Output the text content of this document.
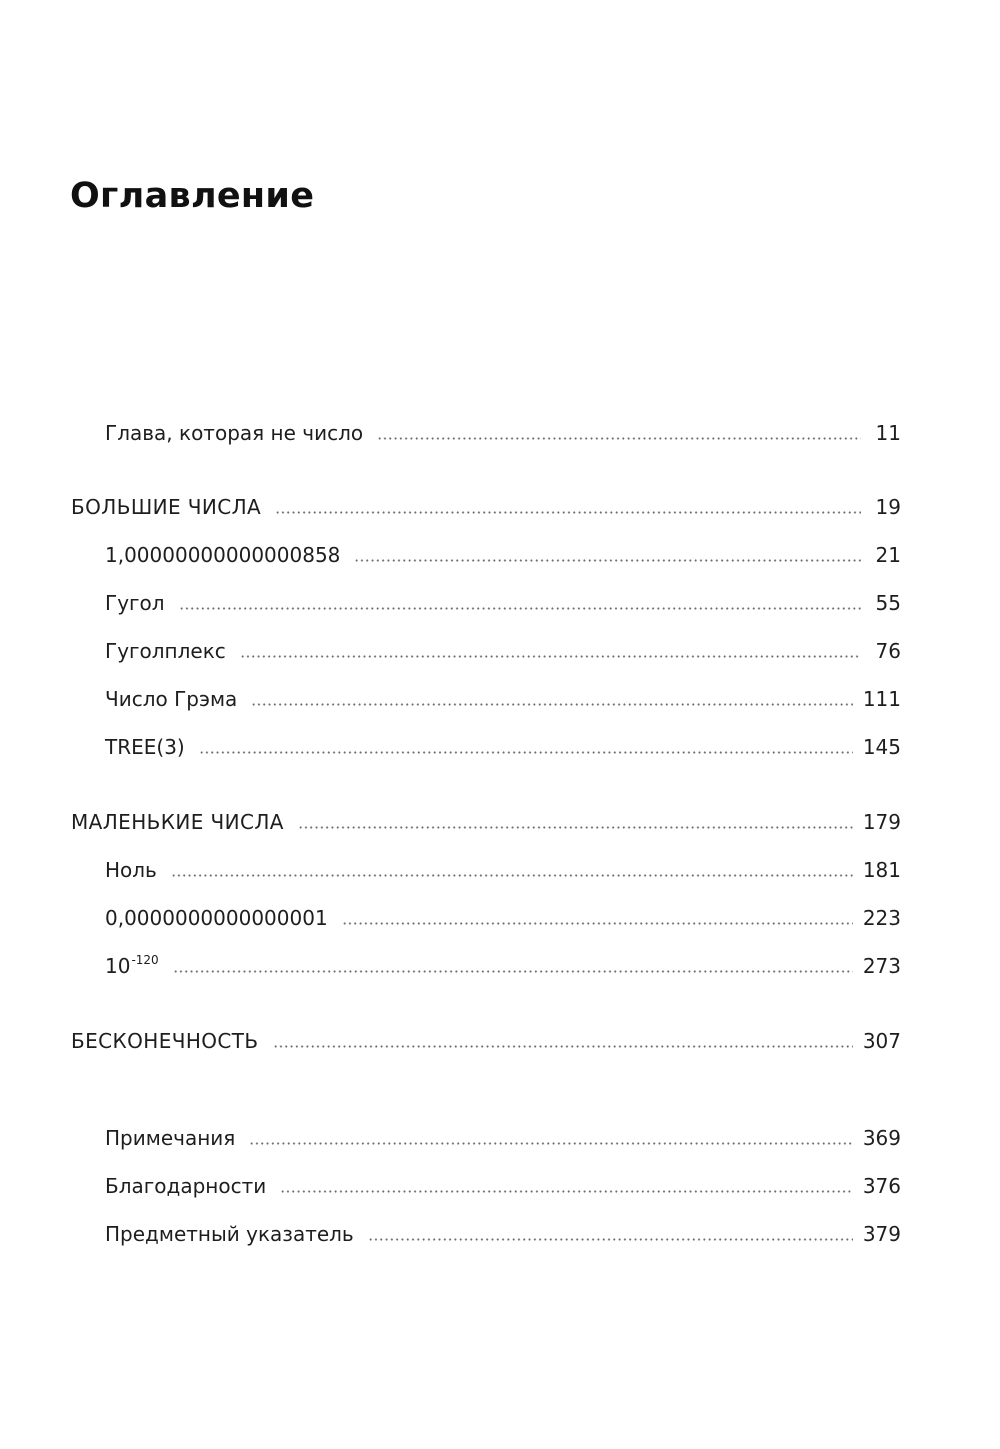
Оглавление
Глава, которая не число	11
БОЛЬШИЕ ЧИСЛА	19
1,00000000000000858	21
Гугол	55
Гуголплекс	76
Число Грэма	111
TREE(3)	145
МАЛЕНЬКИЕ ЧИСЛА	179
Ноль	181
0,0000000000000001	223
$10^{-120}$	273
БЕСКОНЕЧНОСТЬ	307
Примечания	369
Благодарности	376
Предметный указатель	379
